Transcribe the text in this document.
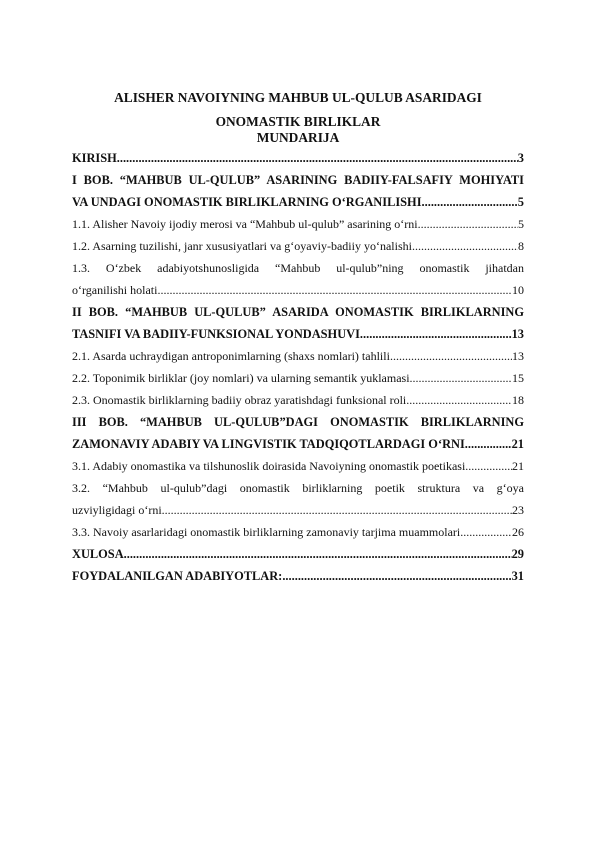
ALISHER NAVOIYNING MAHBUB UL-QULUB ASARIDAGI
ONOMASTIK BIRLIKLAR
MUNDARIJA
KIRISH .....	3
I BOB. “MAHBUB UL-QULUB” ASARINING BADIIY-FALSAFIY MOHIYATI
VA UNDAGI ONOMASTIK BIRLIKLARNING O‘RGANILISHI .....	5
1.1. Alisher Navoiy ijodiy merosi va “Mahbub ul-qulub” asarining o‘rni .....	5
1.2. Asarning tuzilishi, janr xususiyatlari va g‘oyaviy-badiiy yo‘nalishi .....	8
1.3. O‘zbek adabiyotshunosligida “Mahbub ul-qulub”ning onomastik jihatdan
o‘rganilishi holati .....	10
II BOB. “MAHBUB UL-QULUB” ASARIDA ONOMASTIK BIRLIKLARNING
TASNIFI VA BADIIY-FUNKSIONAL YONDASHUVI .....	13
2.1. Asarda uchraydigan antroponimlarning (shaxs nomlari) tahlili .....	13
2.2. Toponimik birliklar (joy nomlari) va ularning semantik yuklamasi .....	15
2.3. Onomastik birliklarning badiiy obraz yaratishdagi funksional roli .....	18
III BOB. “MAHBUB UL-QULUB”DAGI ONOMASTIK BIRLIKLARNING
ZAMONAVIY ADABIY VA LINGVISTIK TADQIQOTLARDAGI O‘RNI .....	21
3.1. Adabiy onomastika va tilshunoslik doirasida Navoiyning onomastik poetikasi .....	21
3.2. “Mahbub ul-qulub”dagi onomastik birliklarning poetik struktura va g‘oya
uzviyligidagi o‘rni .....	23
3.3. Navoiy asarlaridagi onomastik birliklarning zamonaviy tarjima muammolari .....	26
XULOSA .....	29
FOYDALANILGAN ADABIYOTLAR: .....	31
